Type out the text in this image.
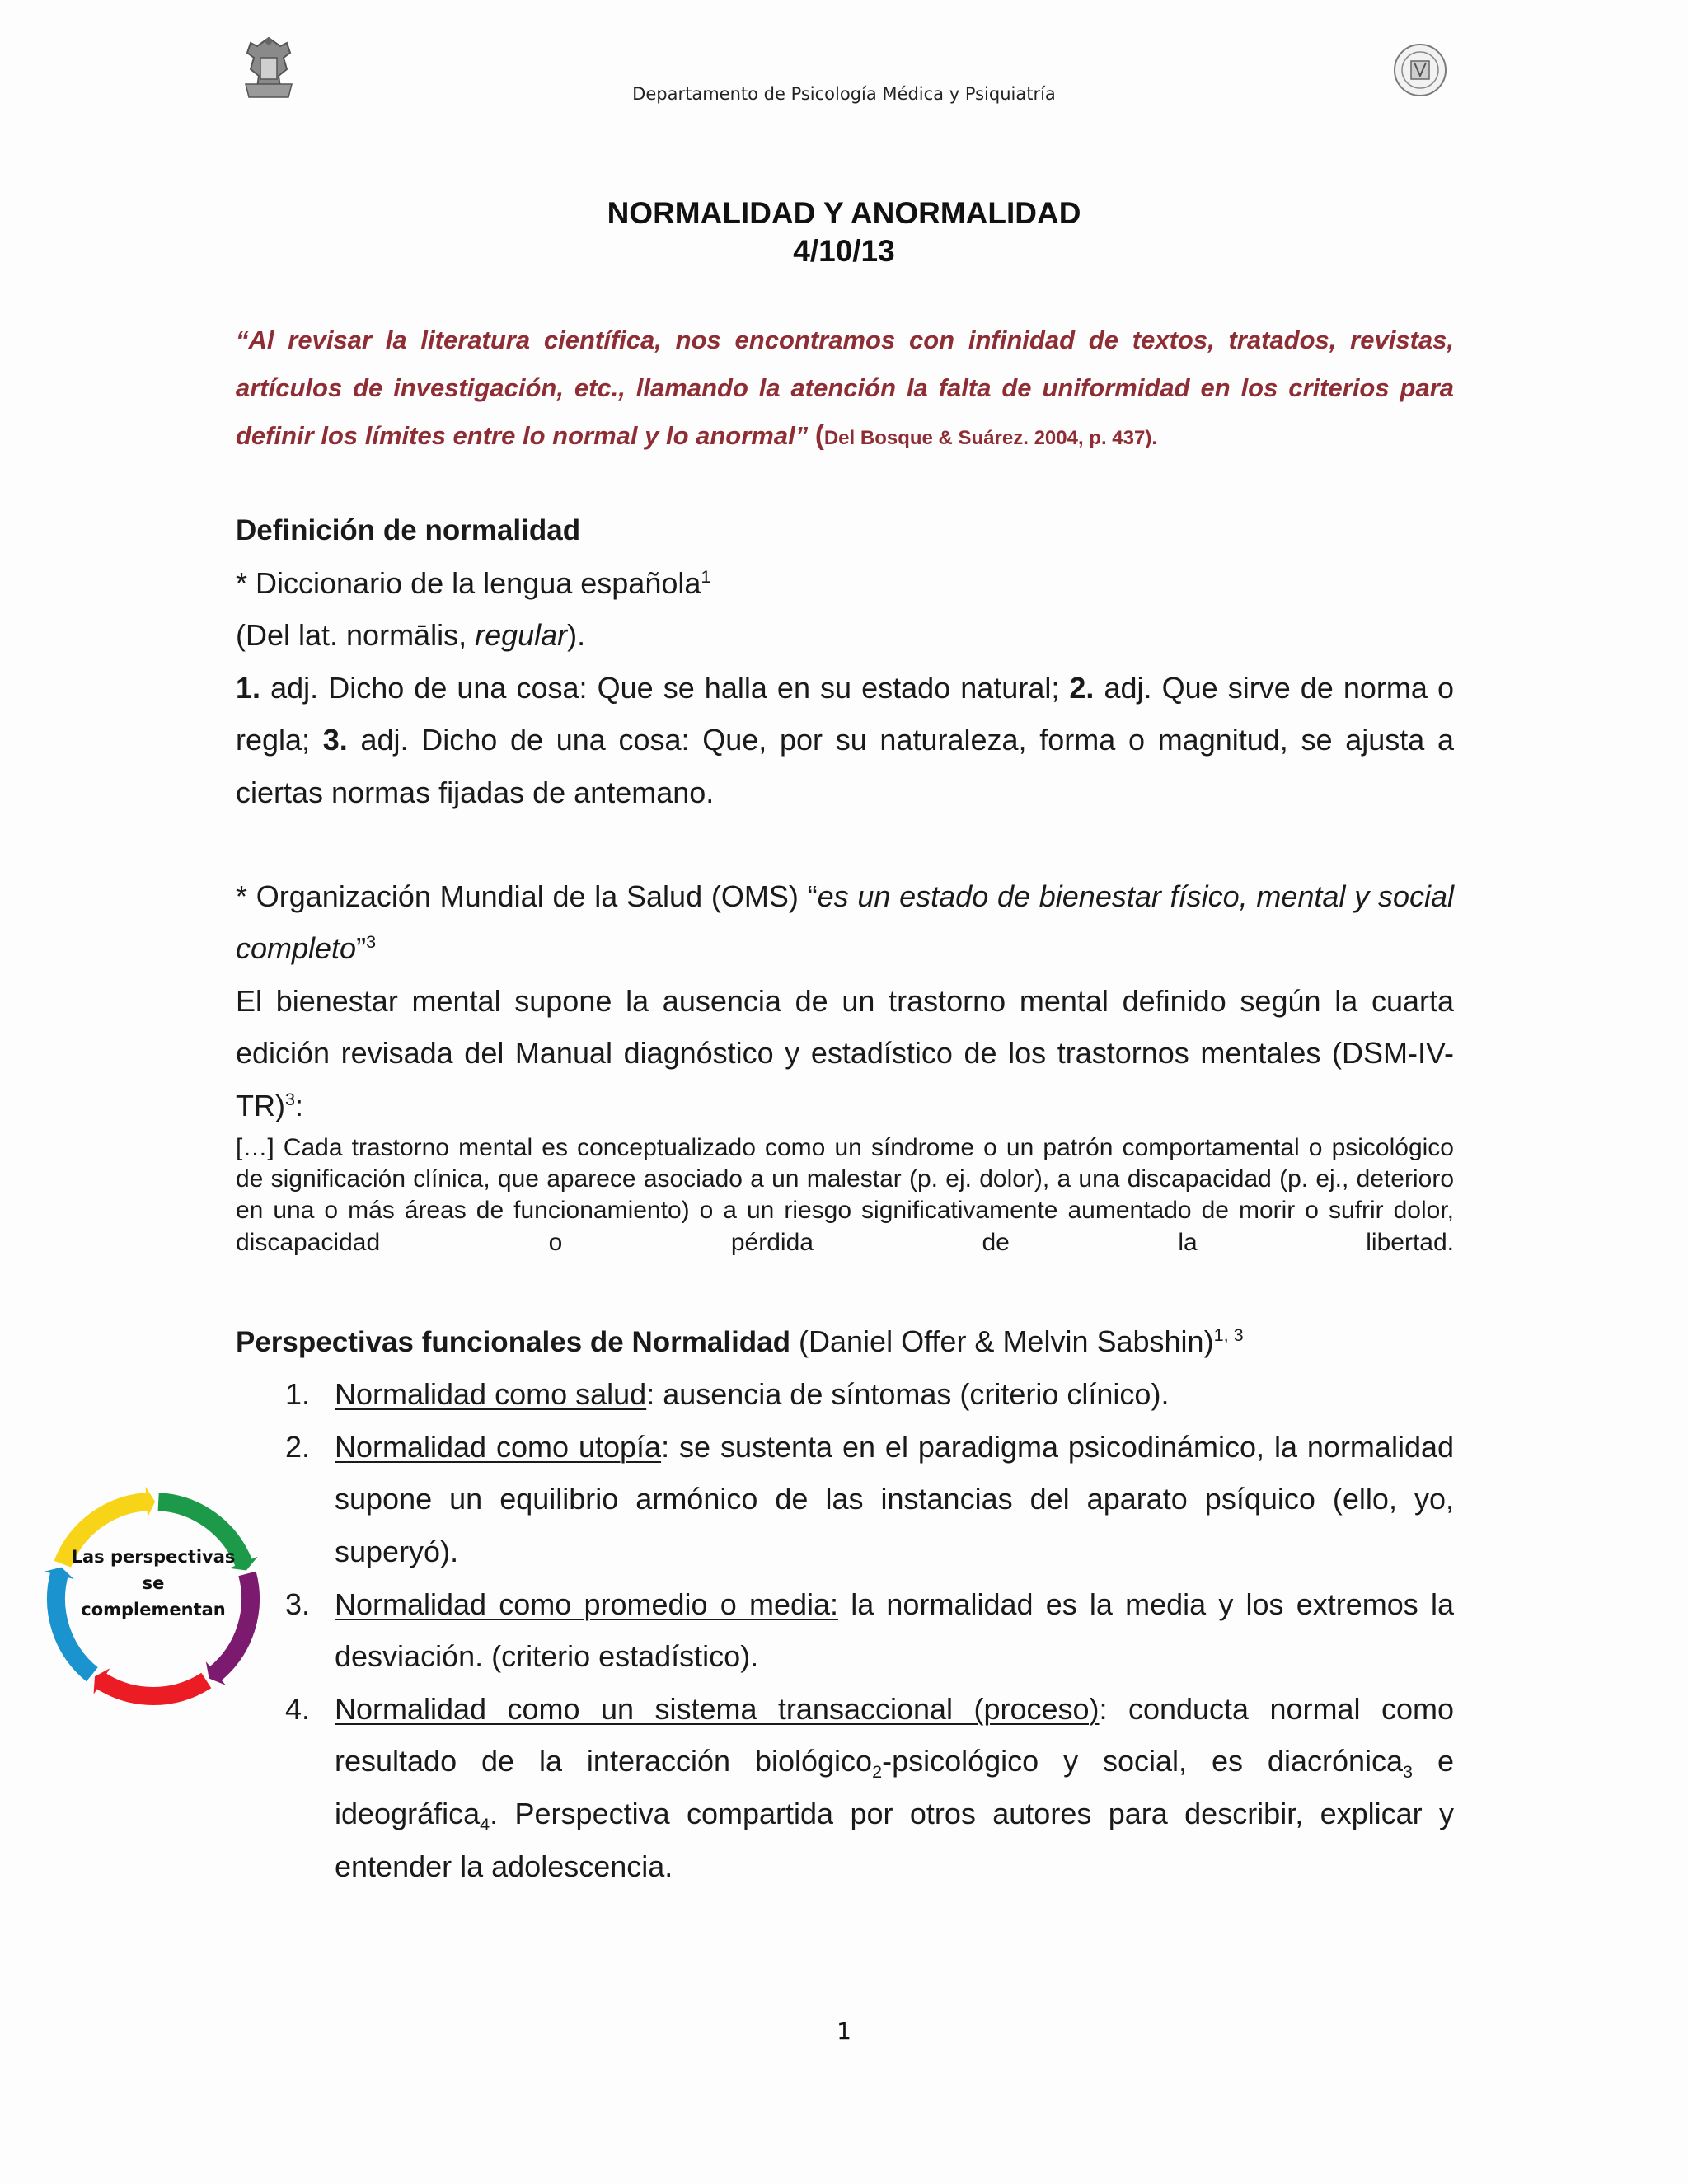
Departamento de Psicología Médica y Psiquiatría
NORMALIDAD Y ANORMALIDAD
4/10/13
“Al revisar la literatura científica, nos encontramos con infinidad de textos, tratados, revistas, artículos de investigación, etc., llamando la atención la falta de uniformidad en los criterios para definir los límites entre lo normal y lo anormal” (Del Bosque & Suárez. 2004, p. 437).

Definición de normalidad

* Diccionario de la lengua española$^1$

(Del lat. normālis, regular).

1. adj. Dicho de una cosa: Que se halla en su estado natural; 2. adj. Que sirve de norma o regla; 3. adj. Dicho de una cosa: Que, por su naturaleza, forma o magnitud, se ajusta a ciertas normas fijadas de antemano.

* Organización Mundial de la Salud (OMS) “es un estado de bienestar físico, mental y social completo”$^3$

El bienestar mental supone la ausencia de un trastorno mental definido según la cuarta edición revisada del Manual diagnóstico y estadístico de los trastornos mentales $(DSM-IV-TR)^3$:

[…] Cada trastorno mental es conceptualizado como un síndrome o un patrón comportamental o psicológico de significación clínica, que aparece asociado a un malestar (p. ej. dolor), a una discapacidad (p. ej., deterioro en una o más áreas de funcionamiento) o a un riesgo significativamente aumentado de morir o sufrir dolor, discapacidad o pérdida de la libertad.

Perspectivas funcionales de Normalidad (Daniel Offer & Melvin Sabshin)$^{1, 3}$

1. Normalidad como salud: ausencia de síntomas (criterio clínico).
2. Normalidad como utopía: se sustenta en el paradigma psicodinámico, la normalidad supone un equilibrio armónico de las instancias del aparato psíquico (ello, yo, superyó).
3. Normalidad como promedio o media: la normalidad es la media y los extremos la desviación. (criterio estadístico).
4. Normalidad como un sistema transaccional (proceso): conducta normal como resultado de la interacción biológico$_2$-psicológico y social, es diacrónica$_3$ e ideográfica$_4$. Perspectiva compartida por otros autores para describir, explicar y entender la adolescencia.
Las perspectivas
se
complementan
1
